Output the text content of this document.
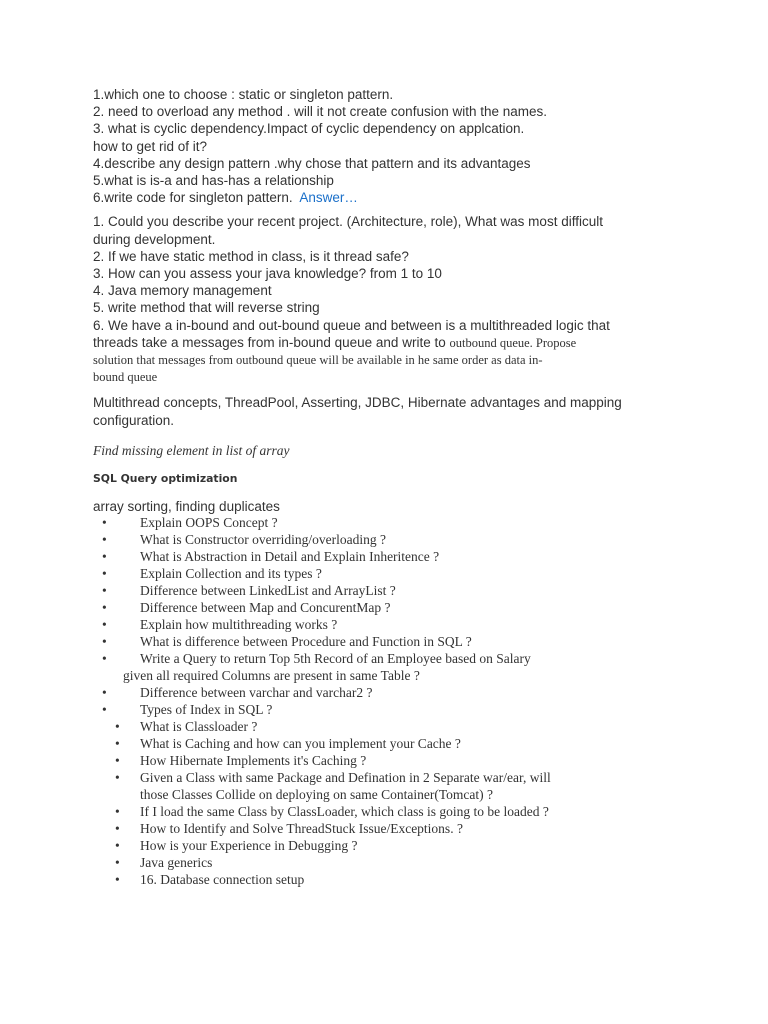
1.which one to choose : static or singleton pattern.
2. need to overload any method . will it not create confusion with the names.
3. what is cyclic dependency.Impact of cyclic dependency on applcation.
how to get rid of it?
4.describe any design pattern .why chose that pattern and its advantages
5.what is is-a and has-has a relationship
6.write code for singleton pattern. Answer…
1. Could you describe your recent project. (Architecture, role), What was most difficult
during development.
2. If we have static method in class, is it thread safe?
3. How can you assess your java knowledge? from 1 to 10
4. Java memory management
5. write method that will reverse string
6. We have a in-bound and out-bound queue and between is a multithreaded logic that
threads take a messages from in-bound queue and write to outbound queue. Propose
solution that messages from outbound queue will be available in he same order as data in-
bound queue
Multithread concepts, ThreadPool, Asserting, JDBC, Hibernate advantages and mapping
configuration.
Find missing element in list of array
SQL Query optimization
array sorting, finding duplicates
• Explain OOPS Concept ?
• What is Constructor overriding/overloading ?
• What is Abstraction in Detail and Explain Inheritence ?
• Explain Collection and its types ?
• Difference between LinkedList and ArrayList ?
• Difference between Map and ConcurentMap ?
• Explain how multithreading works ?
• What is difference between Procedure and Function in SQL ?
• Write a Query to return Top 5th Record of an Employee based on Salary
given all required Columns are present in same Table ?
• Difference between varchar and varchar2 ?
• Types of Index in SQL ?
• What is Classloader ?
• What is Caching and how can you implement your Cache ?
• How Hibernate Implements it's Caching ?
• Given a Class with same Package and Defination in 2 Separate war/ear, will
those Classes Collide on deploying on same Container(Tomcat) ?
• If I load the same Class by ClassLoader, which class is going to be loaded ?
• How to Identify and Solve ThreadStuck Issue/Exceptions. ?
• How is your Experience in Debugging ?
• Java generics
• 16. Database connection setup
